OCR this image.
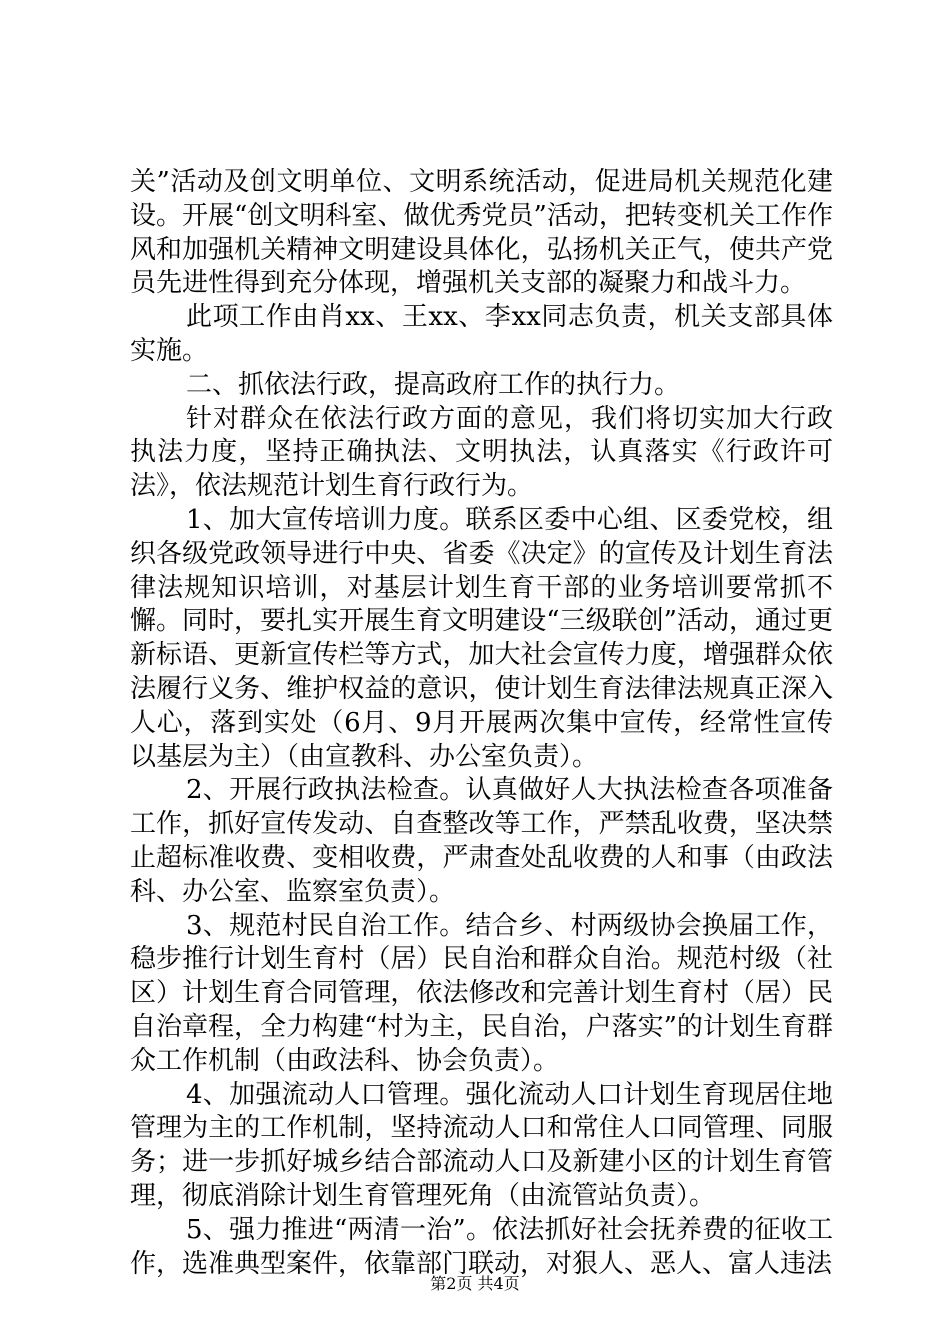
关”活动及创文明单位、文明系统活动，促进局机关规范化建设。开展“创文明科室、做优秀党员”活动，把转变机关工作作风和加强机关精神文明建设具体化，弘扬机关正气，使共产党员先进性得到充分体现，增强机关支部的凝聚力和战斗力。

此项工作由肖xx、王xx、李xx同志负责，机关支部具体实施。

二、抓依法行政，提高政府工作的执行力。

针对群众在依法行政方面的意见，我们将切实加大行政执法力度，坚持正确执法、文明执法，认真落实《行政许可法》，依法规范计划生育行政行为。

1、加大宣传培训力度。联系区委中心组、区委党校，组织各级党政领导进行中央、省委《决定》的宣传及计划生育法律法规知识培训，对基层计划生育干部的业务培训要常抓不懈。同时，要扎实开展生育文明建设“三级联创”活动，通过更新标语、更新宣传栏等方式，加大社会宣传力度，增强群众依法履行义务、维护权益的意识，使计划生育法律法规真正深入人心，落到实处（6月、9月开展两次集中宣传，经常性宣传以基层为主）（由宣教科、办公室负责）。

2、开展行政执法检查。认真做好人大执法检查各项准备工作，抓好宣传发动、自查整改等工作，严禁乱收费，坚决禁止超标准收费、变相收费，严肃查处乱收费的人和事（由政法科、办公室、监察室负责）。

3、规范村民自治工作。结合乡、村两级协会换届工作，稳步推行计划生育村（居）民自治和群众自治。规范村级（社区）计划生育合同管理，依法修改和完善计划生育村（居）民自治章程，全力构建“村为主，民自治，户落实”的计划生育群众工作机制（由政法科、协会负责）。

4、加强流动人口管理。强化流动人口计划生育现居住地管理为主的工作机制，坚持流动人口和常住人口同管理、同服务；进一步抓好城乡结合部流动人口及新建小区的计划生育管理，彻底消除计划生育管理死角（由流管站负责）。

5、强力推进“两清一治”。依法抓好社会抚养费的征收工作，选准典型案件，依靠部门联动，对狠人、恶人、富人违法

第2页 共4页
